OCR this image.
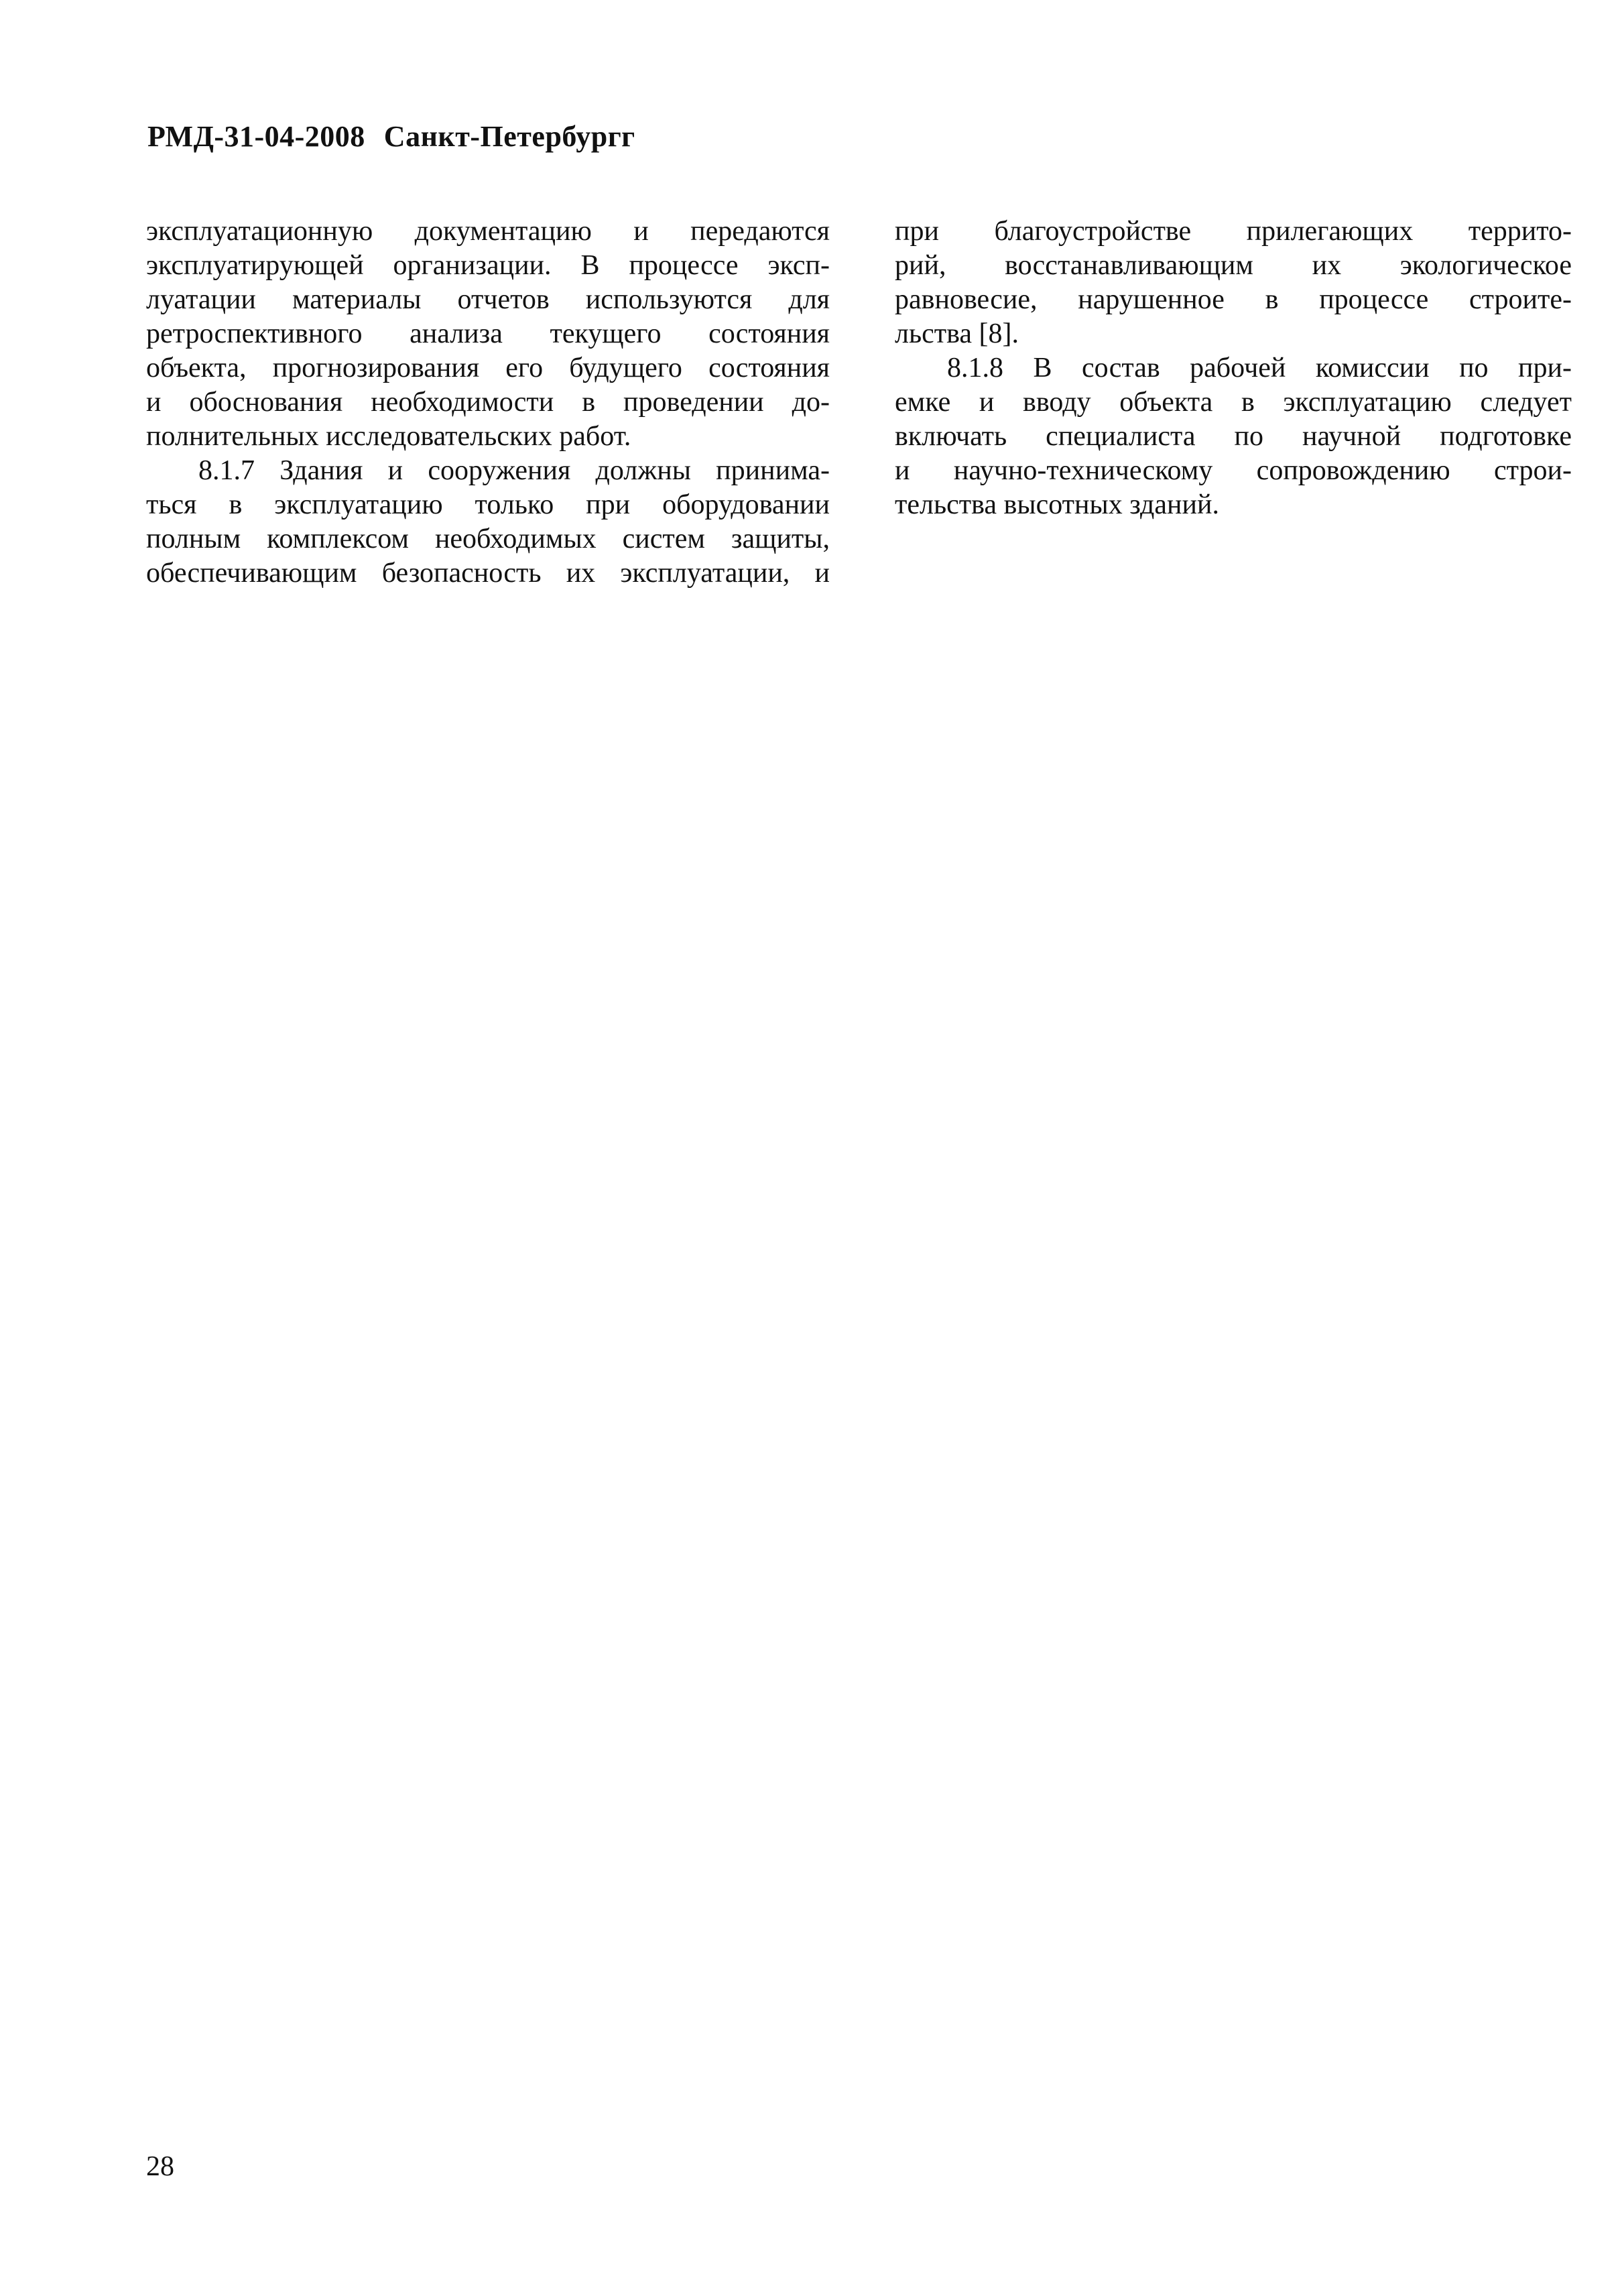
РМД-31-04-2008 Санкт-Петербургг
эксплуатационную документацию и передаются
эксплуатирующей организации. В процессе эксп-
луатации материалы отчетов используются для
ретроспективного анализа текущего состояния
объекта, прогнозирования его будущего состояния
и обоснования необходимости в проведении до-
полнительных исследовательских работ.
8.1.7 Здания и сооружения должны принима-
ться в эксплуатацию только при оборудовании
полным комплексом необходимых систем защиты,
обеспечивающим безопасность их эксплуатации, и
при благоустройстве прилегающих террито-
рий, восстанавливающим их экологическое
равновесие, нарушенное в процессе строите-
льства [8].
8.1.8 В состав рабочей комиссии по при-
емке и вводу объекта в эксплуатацию следует
включать специалиста по научной подготовке
и научно-техническому сопровождению строи-
тельства высотных зданий.
28
